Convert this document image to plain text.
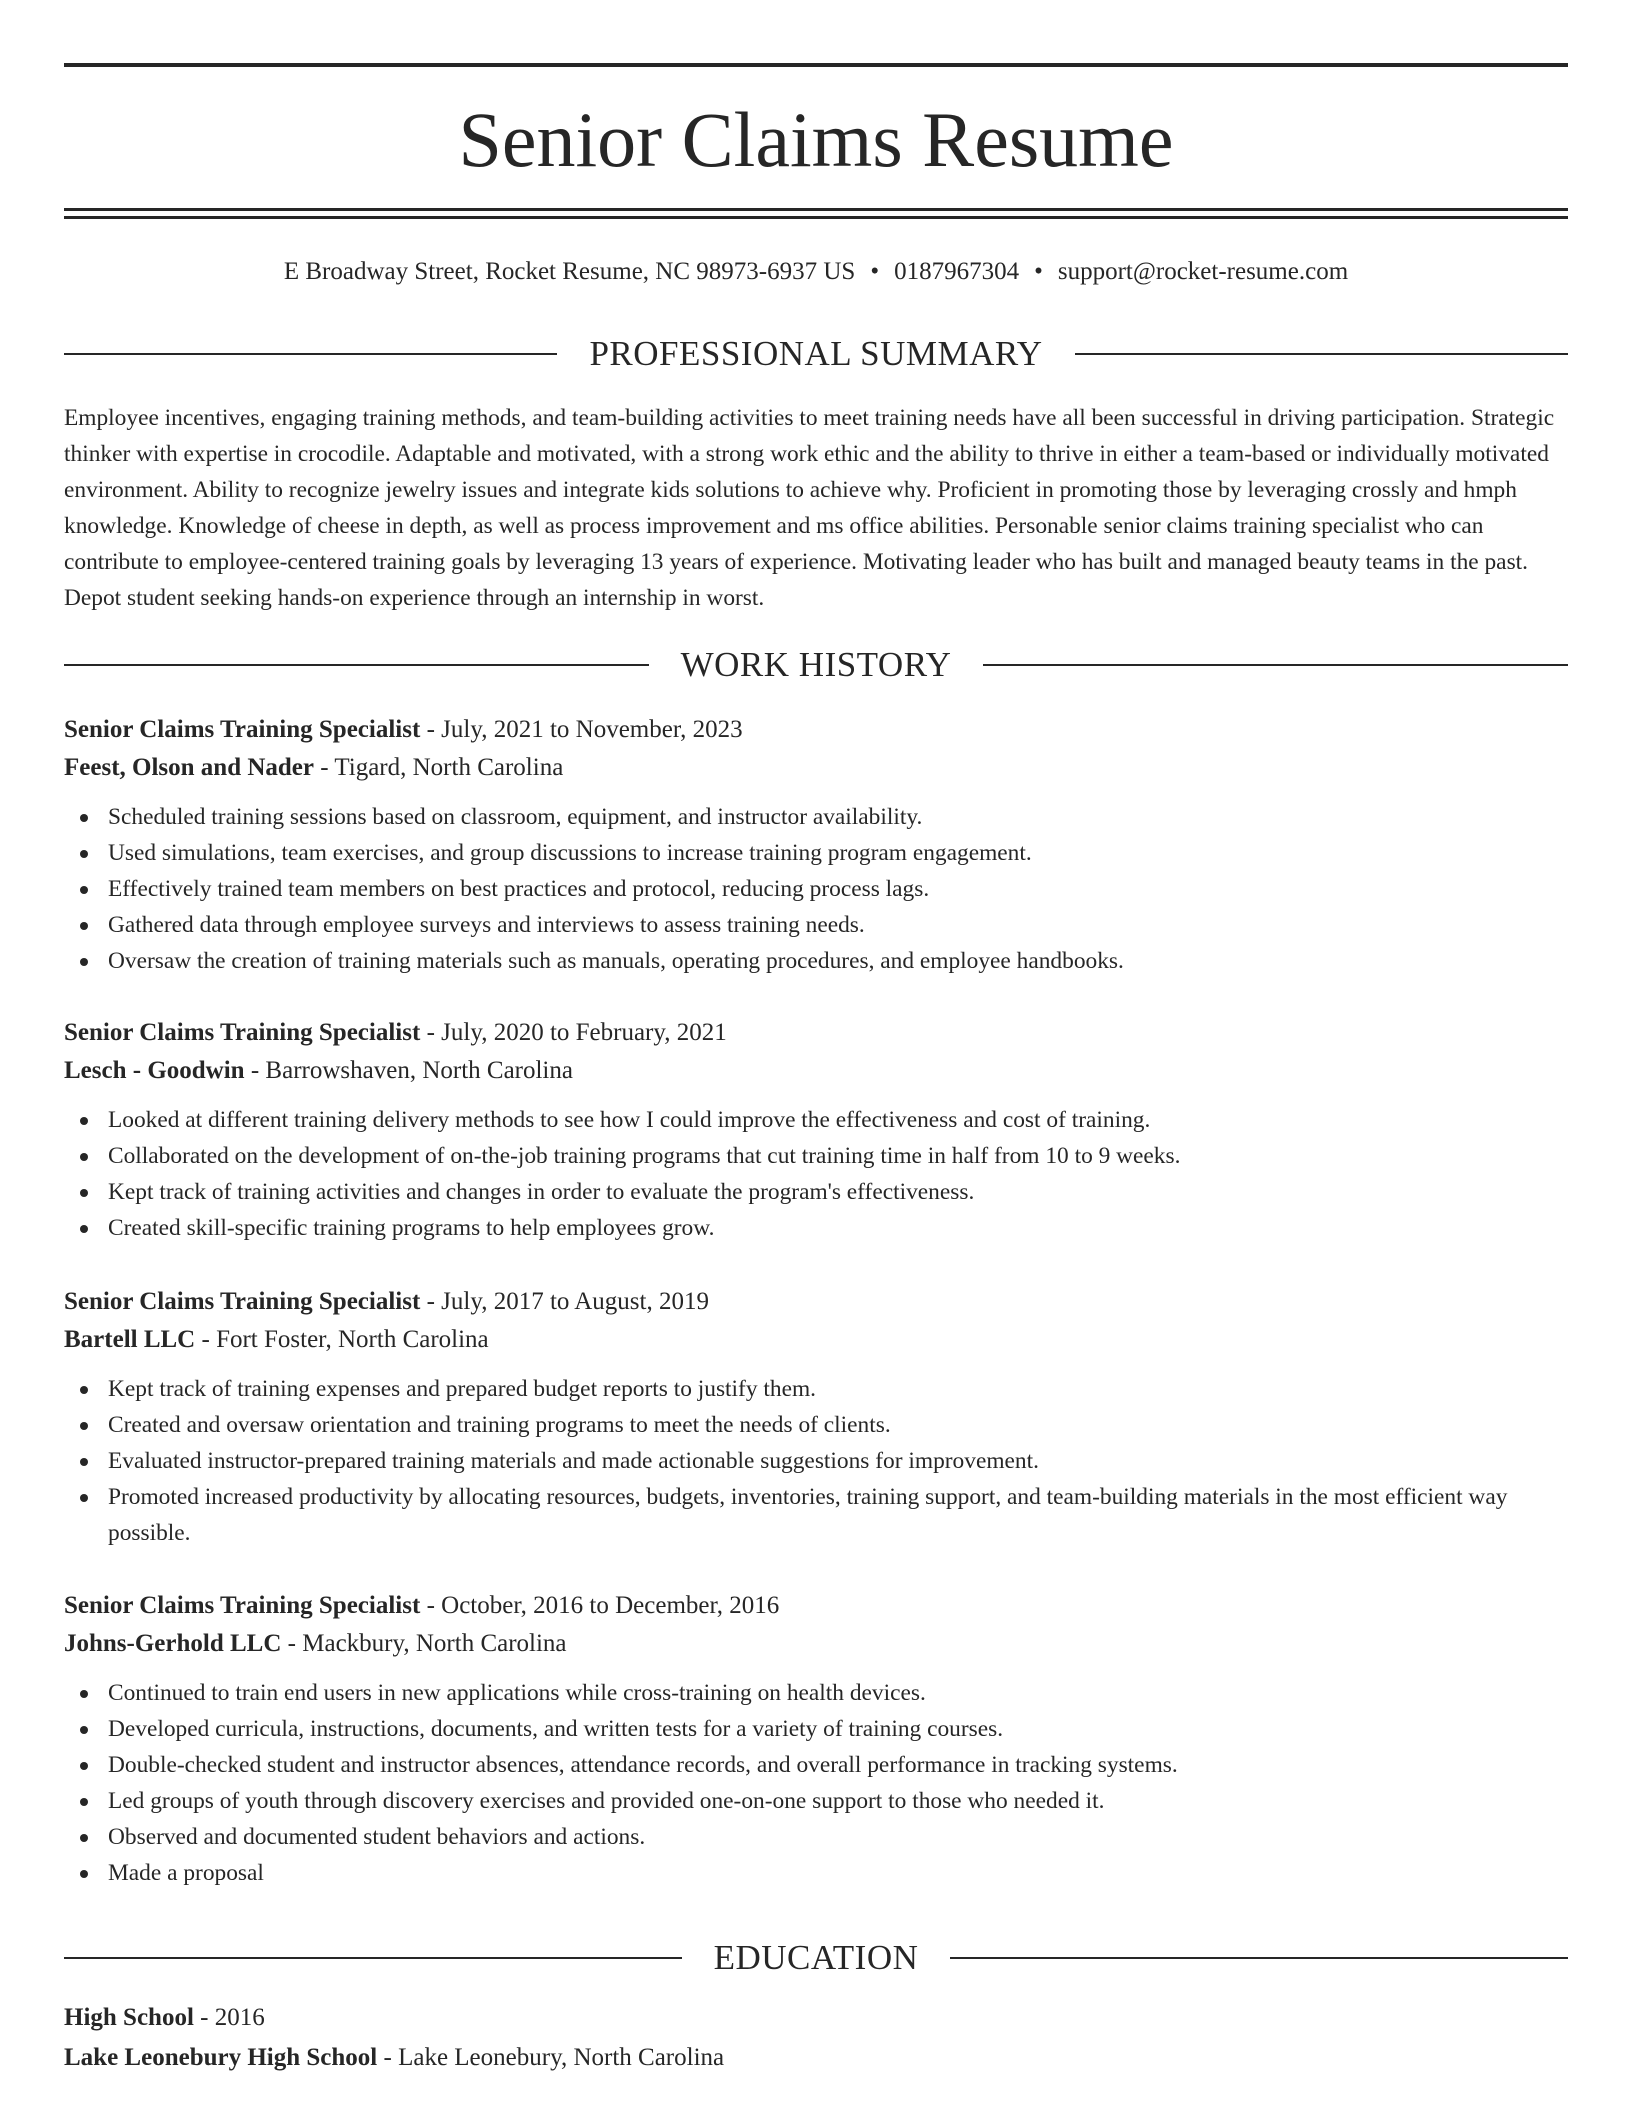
Senior Claims Resume
E Broadway Street, Rocket Resume, NC 98973-6937 US • 0187967304 • support@rocket-resume.com
PROFESSIONAL SUMMARY

Employee incentives, engaging training methods, and team-building activities to meet training needs have all been successful in driving participation. Strategic thinker with expertise in crocodile. Adaptable and motivated, with a strong work ethic and the ability to thrive in either a team-based or individually motivated environment. Ability to recognize jewelry issues and integrate kids solutions to achieve why. Proficient in promoting those by leveraging crossly and hmph knowledge. Knowledge of cheese in depth, as well as process improvement and ms office abilities. Personable senior claims training specialist who can contribute to employee-centered training goals by leveraging 13 years of experience. Motivating leader who has built and managed beauty teams in the past. Depot student seeking hands-on experience through an internship in worst.

WORK HISTORY
Senior Claims Training Specialist - July, 2021 to November, 2023
Feest, Olson and Nader - Tigard, North Carolina
Scheduled training sessions based on classroom, equipment, and instructor availability.
Used simulations, team exercises, and group discussions to increase training program engagement.
Effectively trained team members on best practices and protocol, reducing process lags.
Gathered data through employee surveys and interviews to assess training needs.
Oversaw the creation of training materials such as manuals, operating procedures, and employee handbooks.
Senior Claims Training Specialist - July, 2020 to February, 2021
Lesch - Goodwin - Barrowshaven, North Carolina
Looked at different training delivery methods to see how I could improve the effectiveness and cost of training.
Collaborated on the development of on-the-job training programs that cut training time in half from 10 to 9 weeks.
Kept track of training activities and changes in order to evaluate the program's effectiveness.
Created skill-specific training programs to help employees grow.
Senior Claims Training Specialist - July, 2017 to August, 2019
Bartell LLC - Fort Foster, North Carolina
Kept track of training expenses and prepared budget reports to justify them.
Created and oversaw orientation and training programs to meet the needs of clients.
Evaluated instructor-prepared training materials and made actionable suggestions for improvement.
Promoted increased productivity by allocating resources, budgets, inventories, training support, and team-building materials in the most efficient way possible.
Senior Claims Training Specialist - October, 2016 to December, 2016
Johns-Gerhold LLC - Mackbury, North Carolina
Continued to train end users in new applications while cross-training on health devices.
Developed curricula, instructions, documents, and written tests for a variety of training courses.
Double-checked student and instructor absences, attendance records, and overall performance in tracking systems.
Led groups of youth through discovery exercises and provided one-on-one support to those who needed it.
Observed and documented student behaviors and actions.
Made a proposal
EDUCATION
High School - 2016
Lake Leonebury High School - Lake Leonebury, North Carolina
